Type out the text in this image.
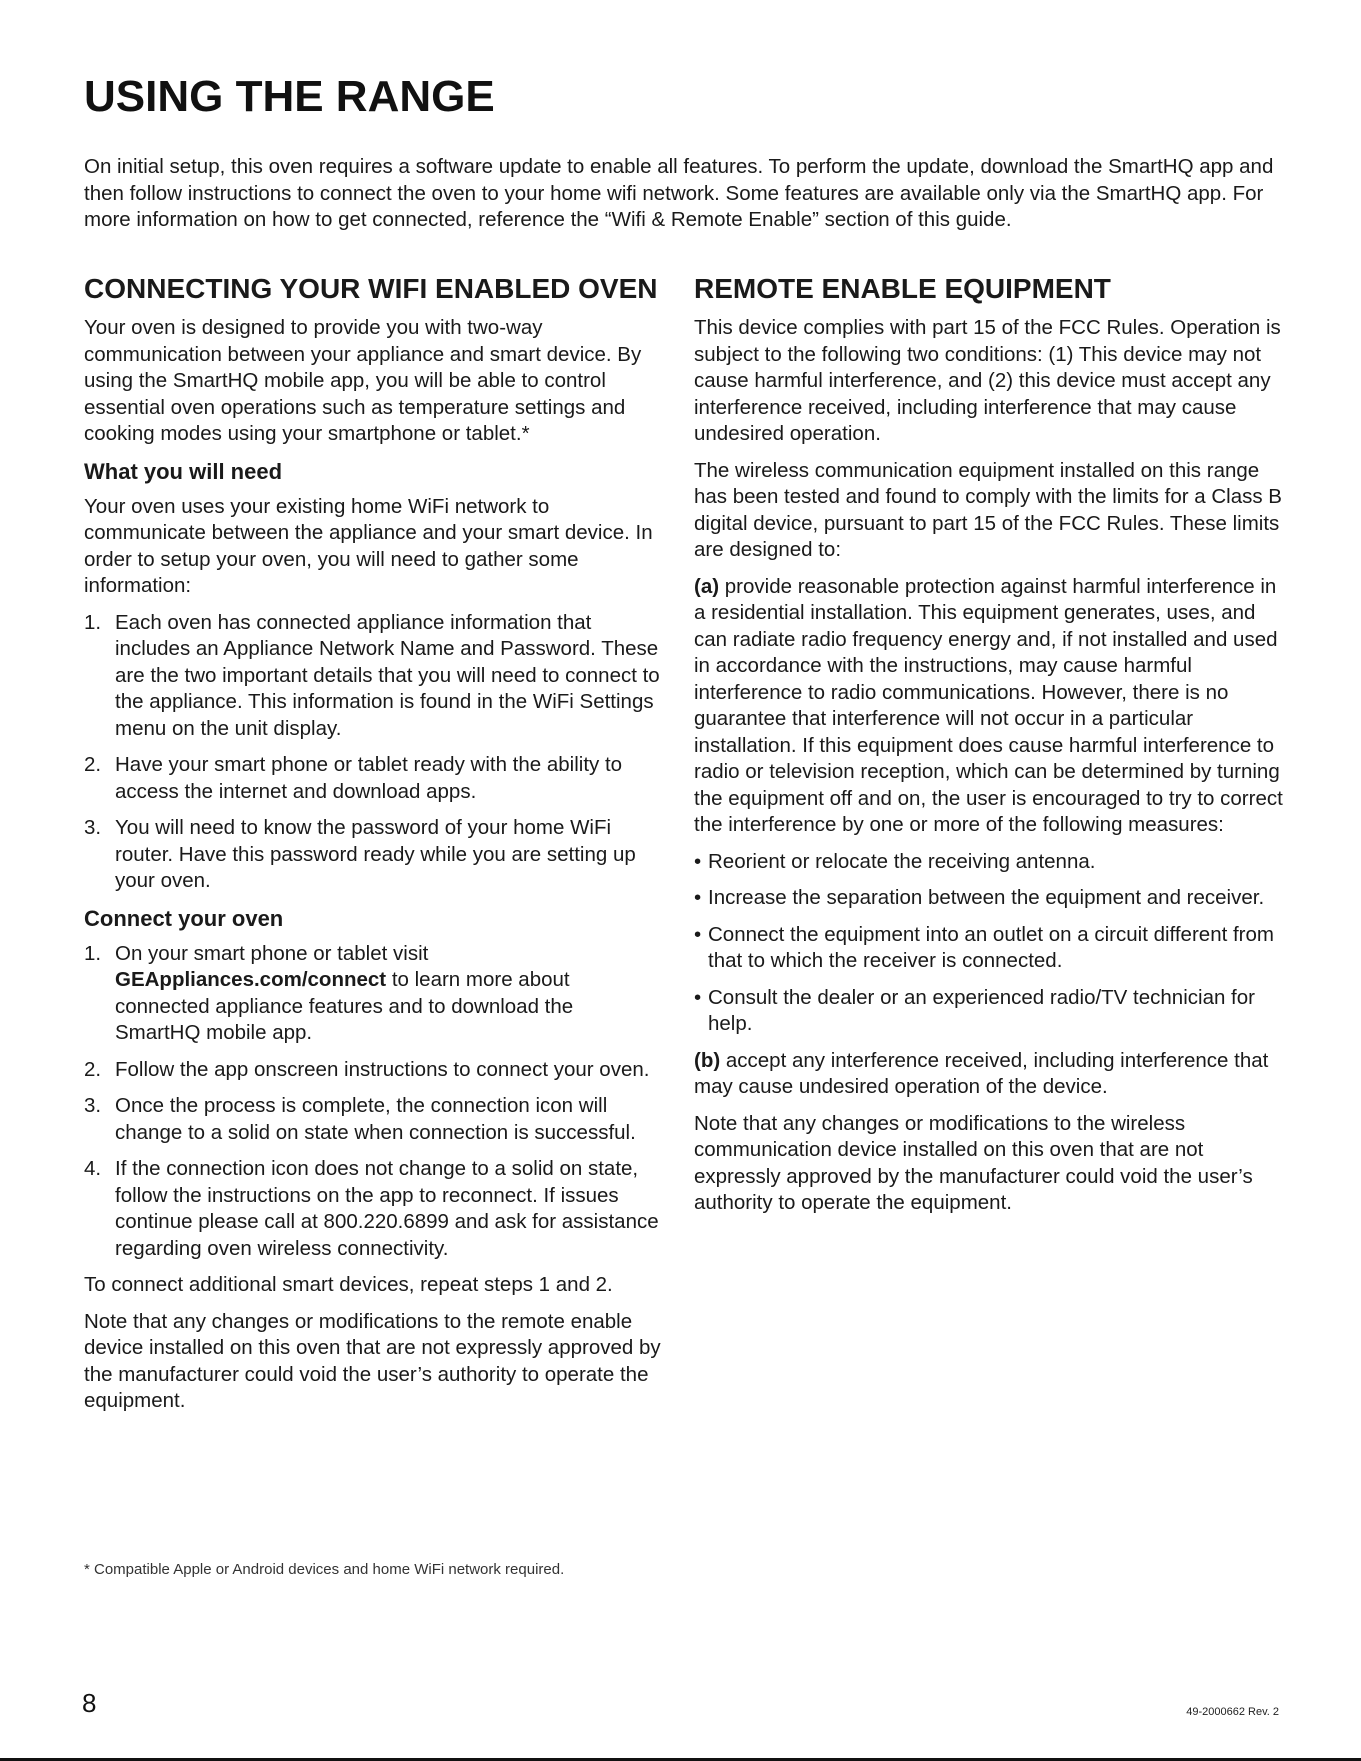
USING THE RANGE

On initial setup, this oven requires a software update to enable all features. To perform the update, download the SmartHQ app and then follow instructions to connect the oven to your home wifi network. Some features are available only via the SmartHQ app. For more information on how to get connected, reference the “Wifi & Remote Enable” section of this guide.

CONNECTING YOUR WIFI ENABLED OVEN

Your oven is designed to provide you with two-way communication between your appliance and smart device. By using the SmartHQ mobile app, you will be able to control essential oven operations such as temperature settings and cooking modes using your smartphone or tablet.*

What you will need

Your oven uses your existing home WiFi network to communicate between the appliance and your smart device. In order to setup your oven, you will need to gather some information:

1. Each oven has connected appliance information that includes an Appliance Network Name and Password. These are the two important details that you will need to connect to the appliance. This information is found in the WiFi Settings menu on the unit display.
2. Have your smart phone or tablet ready with the ability to access the internet and download apps.
3. You will need to know the password of your home WiFi router. Have this password ready while you are setting up your oven.
Connect your oven
1. On your smart phone or tablet visit GEAppliances.com/connect to learn more about connected appliance features and to download the SmartHQ mobile app.
2. Follow the app onscreen instructions to connect your oven.
3. Once the process is complete, the connection icon will change to a solid on state when connection is successful.
4. If the connection icon does not change to a solid on state, follow the instructions on the app to reconnect. If issues continue please call at 800.220.6899 and ask for assistance regarding oven wireless connectivity.

To connect additional smart devices, repeat steps 1 and 2.

Note that any changes or modifications to the remote enable device installed on this oven that are not expressly approved by the manufacturer could void the user’s authority to operate the equipment.

REMOTE ENABLE EQUIPMENT

This device complies with part 15 of the FCC Rules. Operation is subject to the following two conditions: (1) This device may not cause harmful interference, and (2) this device must accept any interference received, including interference that may cause undesired operation.

The wireless communication equipment installed on this range has been tested and found to comply with the limits for a Class B digital device, pursuant to part 15 of the FCC Rules. These limits are designed to:

(a) provide reasonable protection against harmful interference in a residential installation. This equipment generates, uses, and can radiate radio frequency energy and, if not installed and used in accordance with the instructions, may cause harmful interference to radio communications. However, there is no guarantee that interference will not occur in a particular installation. If this equipment does cause harmful interference to radio or television reception, which can be determined by turning the equipment off and on, the user is encouraged to try to correct the interference by one or more of the following measures:

• Reorient or relocate the receiving antenna.
• Increase the separation between the equipment and receiver.
• Connect the equipment into an outlet on a circuit different from that to which the receiver is connected.
• Consult the dealer or an experienced radio/TV technician for help.

(b) accept any interference received, including interference that may cause undesired operation of the device.

Note that any changes or modifications to the wireless communication device installed on this oven that are not expressly approved by the manufacturer could void the user’s authority to operate the equipment.

* Compatible Apple or Android devices and home WiFi network required.

8	49-2000662 Rev. 2
